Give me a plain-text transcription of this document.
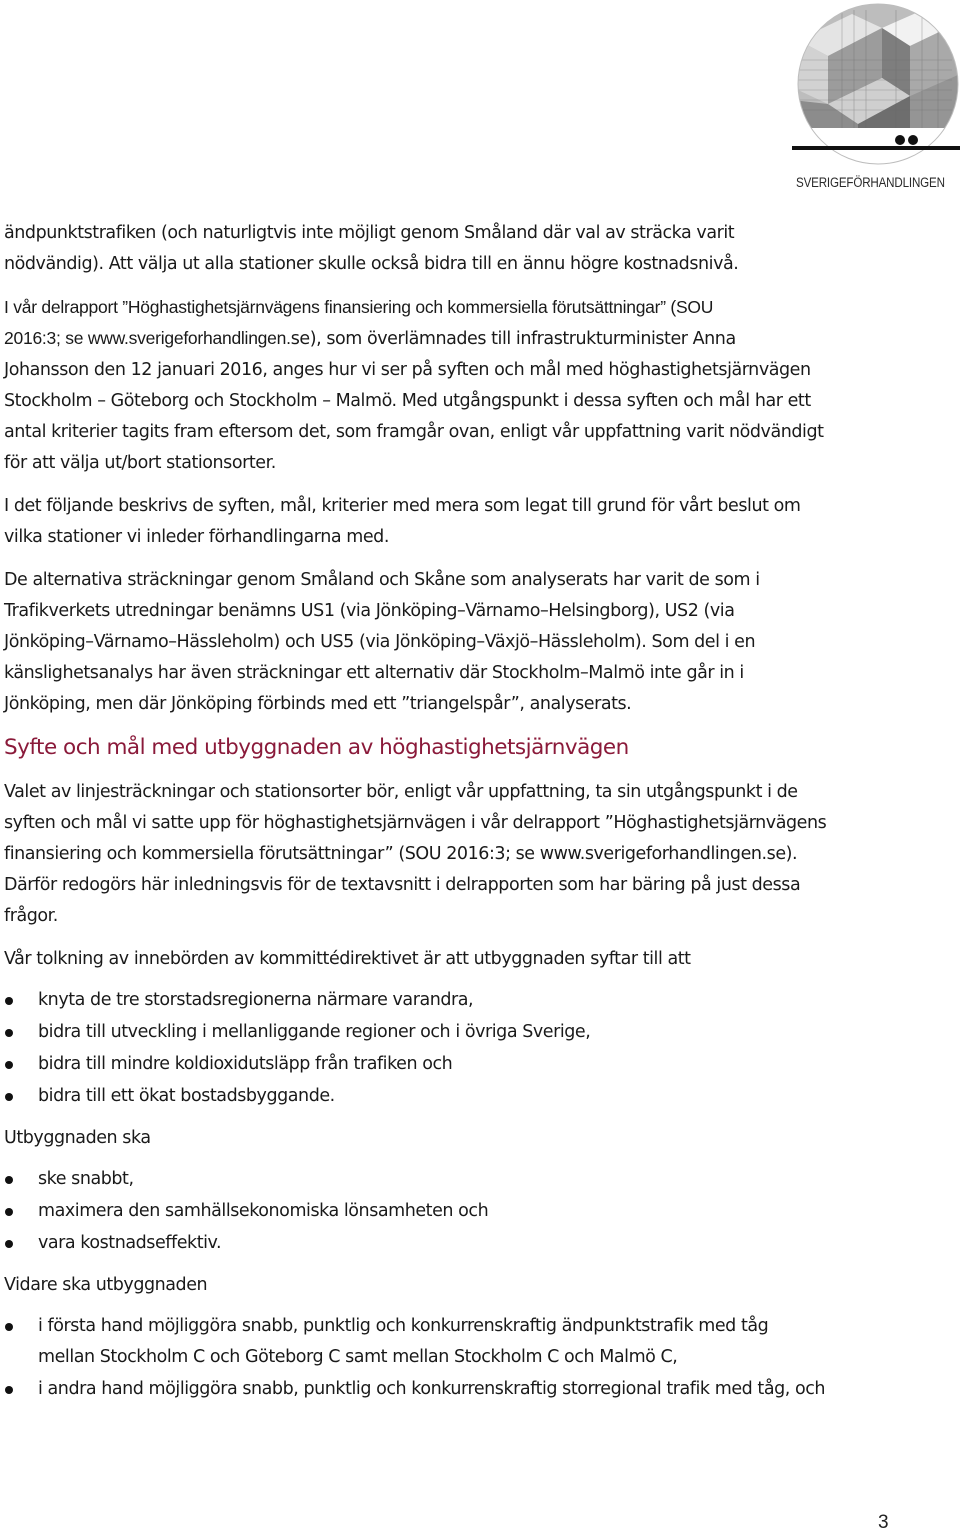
SVERIGEFÖRHANDLINGEN

ändpunktstrafiken (och naturligtvis inte möjligt genom Småland där val av sträcka varit

nödvändig). Att välja ut alla stationer skulle också bidra till en ännu högre kostnadsnivå.

I vår delrapport ”Höghastighetsjärnvägens finansiering och kommersiella förutsättningar” (SOU

2016:3; se www.sverigeforhandlingen.se), som överlämnades till infrastrukturminister Anna

Johansson den 12 januari 2016, anges hur vi ser på syften och mål med höghastighetsjärnvägen

Stockholm – Göteborg och Stockholm – Malmö. Med utgångspunkt i dessa syften och mål har ett

antal kriterier tagits fram eftersom det, som framgår ovan, enligt vår uppfattning varit nödvändigt

för att välja ut/bort stationsorter.

I det följande beskrivs de syften, mål, kriterier med mera som legat till grund för vårt beslut om

vilka stationer vi inleder förhandlingarna med.

De alternativa sträckningar genom Småland och Skåne som analyserats har varit de som i

Trafikverkets utredningar benämns US1 (via Jönköping–Värnamo–Helsingborg), US2 (via

Jönköping–Värnamo–Hässleholm) och US5 (via Jönköping–Växjö–Hässleholm). Som del i en

känslighetsanalys har även sträckningar ett alternativ där Stockholm–Malmö inte går in i

Jönköping, men där Jönköping förbinds med ett ”triangelspår”, analyserats.

Syfte och mål med utbyggnaden av höghastighetsjärnvägen

Valet av linjesträckningar och stationsorter bör, enligt vår uppfattning, ta sin utgångspunkt i de

syften och mål vi satte upp för höghastighetsjärnvägen i vår delrapport ”Höghastighetsjärnvägens

finansiering och kommersiella förutsättningar” (SOU 2016:3; se www.sverigeforhandlingen.se).

Därför redogörs här inledningsvis för de textavsnitt i delrapporten som har bäring på just dessa

frågor.

Vår tolkning av innebörden av kommittédirektivet är att utbyggnaden syftar till att

knyta de tre storstadsregionerna närmare varandra,
bidra till utveckling i mellanliggande regioner och i övriga Sverige,
bidra till mindre koldioxidutsläpp från trafiken och
bidra till ett ökat bostadsbyggande.

Utbyggnaden ska

ske snabbt,
maximera den samhällsekonomiska lönsamheten och
vara kostnadseffektiv.

Vidare ska utbyggnaden

i första hand möjliggöra snabb, punktlig och konkurrenskraftig ändpunktstrafik med tåg
mellan Stockholm C och Göteborg C samt mellan Stockholm C och Malmö C,
i andra hand möjliggöra snabb, punktlig och konkurrenskraftig storregional trafik med tåg, och
3
